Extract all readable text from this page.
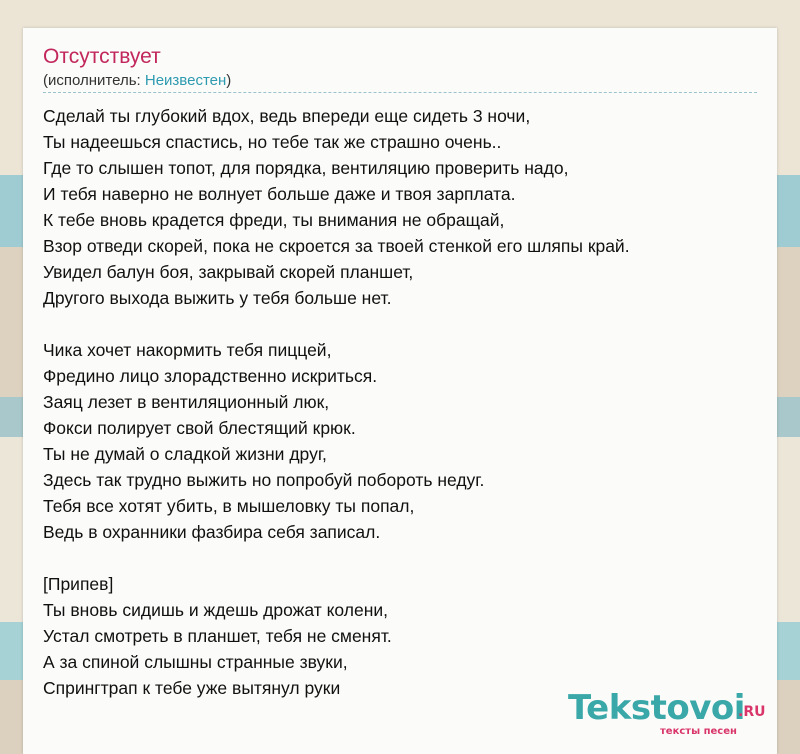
Отсутствует
(исполнитель: Неизвестен)
Сделай ты глубокий вдох, ведь впереди еще сидеть 3 ночи,
Ты надеешься спастись, но тебе так же страшно очень..
Где то слышен топот, для порядка, вентиляцию проверить надо,
И тебя наверно не волнует больше даже и твоя зарплата.
К тебе вновь крадется фреди, ты внимания не обращай,
Взор отведи скорей, пока не скроется за твоей стенкой его шляпы край.
Увидел балун боя, закрывай скорей планшет,
Другого выхода выжить у тебя больше нет.
Чика хочет накормить тебя пиццей,
Фредино лицо злорадственно искриться.
Заяц лезет в вентиляционный люк,
Фокси полирует свой блестящий крюк.
Ты не думай о сладкой жизни друг,
Здесь так трудно выжить но попробуй побороть недуг.
Тебя все хотят убить, в мышеловку ты попал,
Ведь в охранники фазбира себя записал.
[Припев]
Ты вновь сидишь и ждешь дрожат колени,
Устал смотреть в планшет, тебя не сменят.
А за спиной слышны странные звуки,
Спрингтрап к тебе уже вытянул руки	Tekstovoi
.RU
тексты песен
